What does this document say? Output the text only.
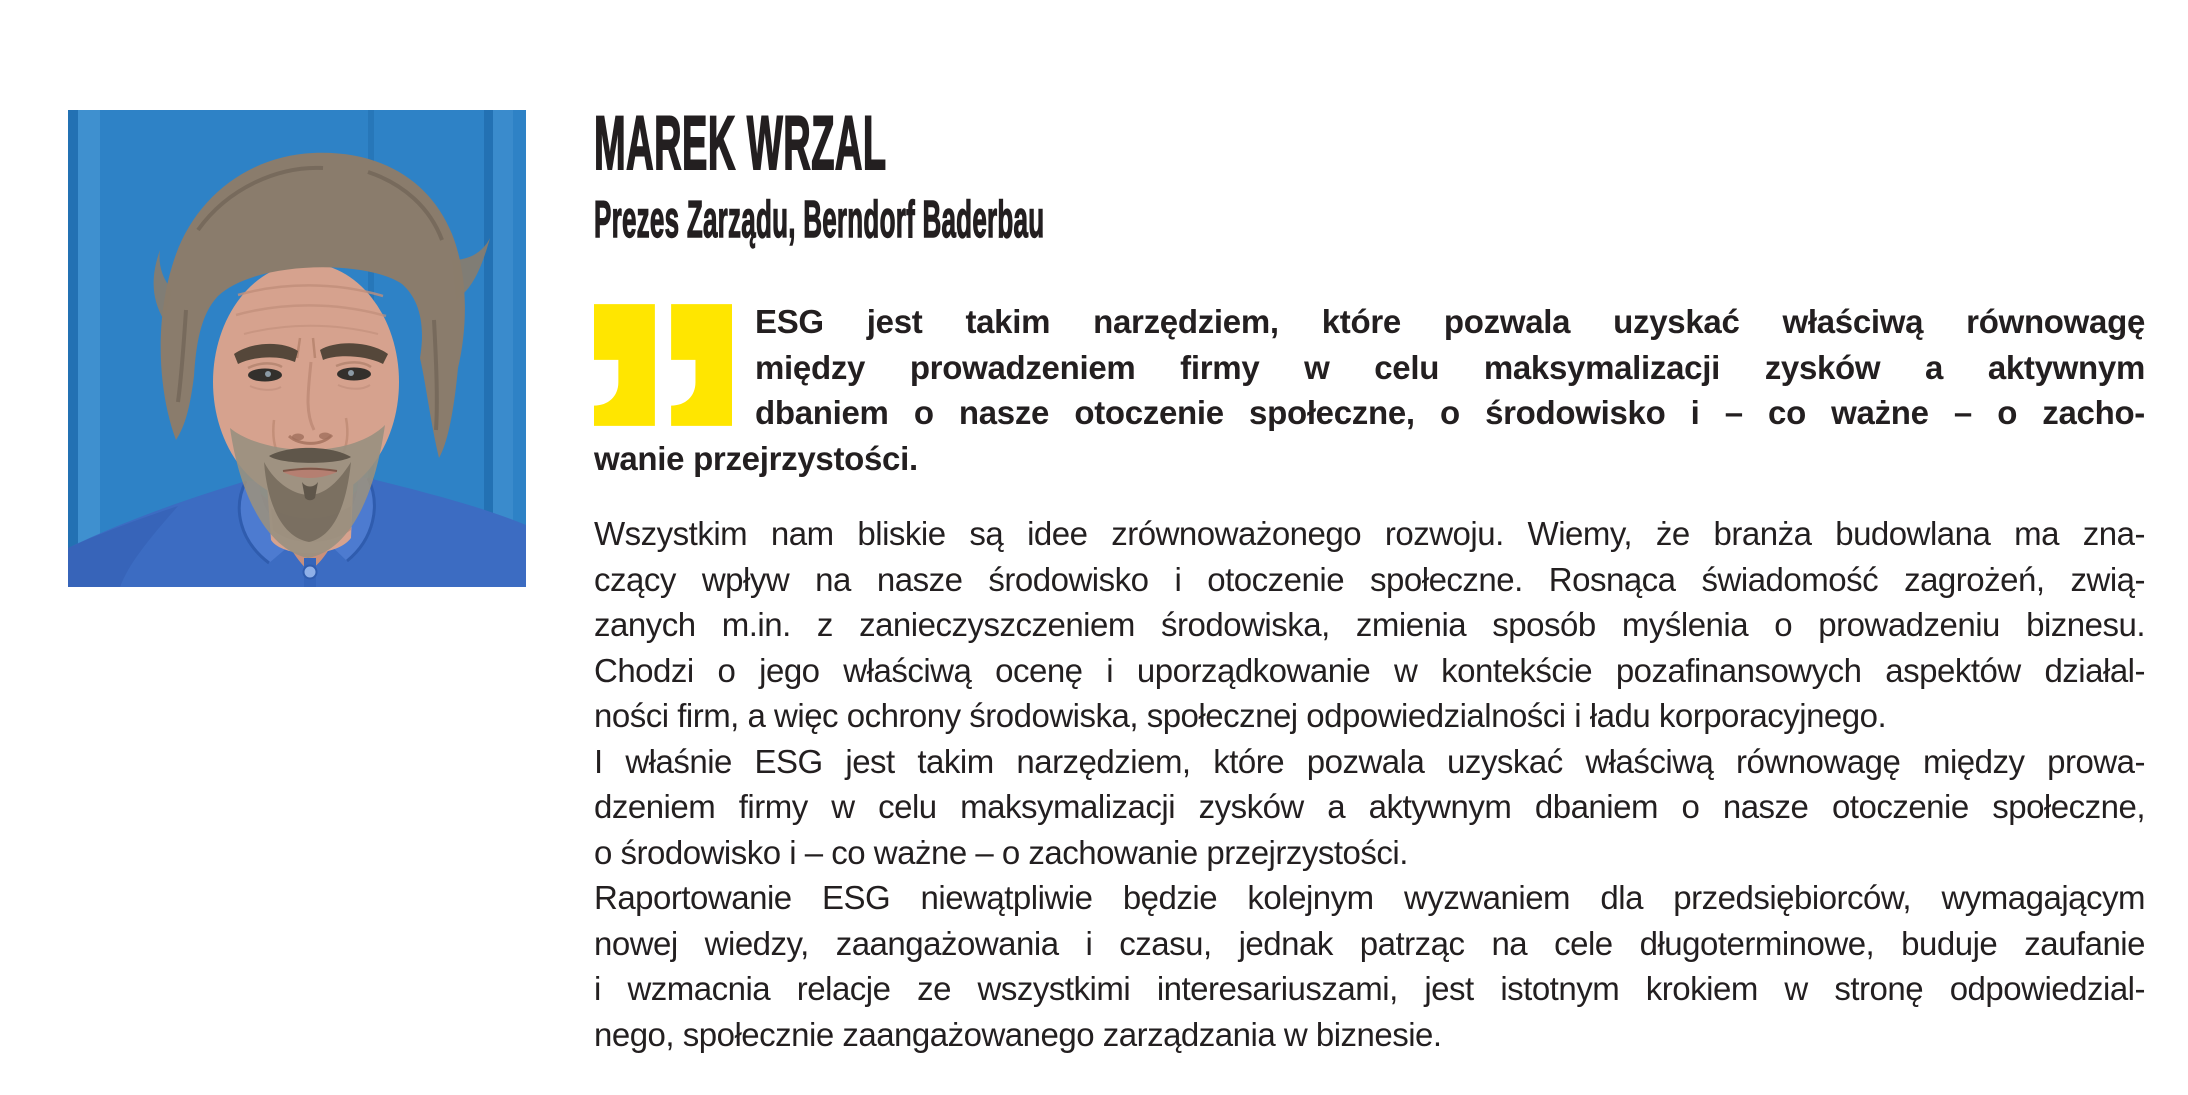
MAREK WRZAL
Prezes Zarządu, Berndorf Baderbau
ESG jest takim narzędziem, które pozwala uzyskać właściwą równowagę
między prowadzeniem firmy w celu maksymalizacji zysków a aktywnym
dbaniem o nasze otoczenie społeczne, o środowisko i – co ważne – o zacho-
wanie przejrzystości.
Wszystkim nam bliskie są idee zrównoważonego rozwoju. Wiemy, że branża budowlana ma zna-
czący wpływ na nasze środowisko i otoczenie społeczne. Rosnąca świadomość zagrożeń, zwią-
zanych m.in. z zanieczyszczeniem środowiska, zmienia sposób myślenia o prowadzeniu biznesu.
Chodzi o jego właściwą ocenę i uporządkowanie w kontekście pozafinansowych aspektów działal-
ności firm, a więc ochrony środowiska, społecznej odpowiedzialności i ładu korporacyjnego.
I właśnie ESG jest takim narzędziem, które pozwala uzyskać właściwą równowagę między prowa-
dzeniem firmy w celu maksymalizacji zysków a aktywnym dbaniem o nasze otoczenie społeczne,
o środowisko i – co ważne – o zachowanie przejrzystości.
Raportowanie ESG niewątpliwie będzie kolejnym wyzwaniem dla przedsiębiorców, wymagającym
nowej wiedzy, zaangażowania i czasu, jednak patrząc na cele długoterminowe, buduje zaufanie
i wzmacnia relacje ze wszystkimi interesariuszami, jest istotnym krokiem w stronę odpowiedzial-
nego, społecznie zaangażowanego zarządzania w biznesie.
